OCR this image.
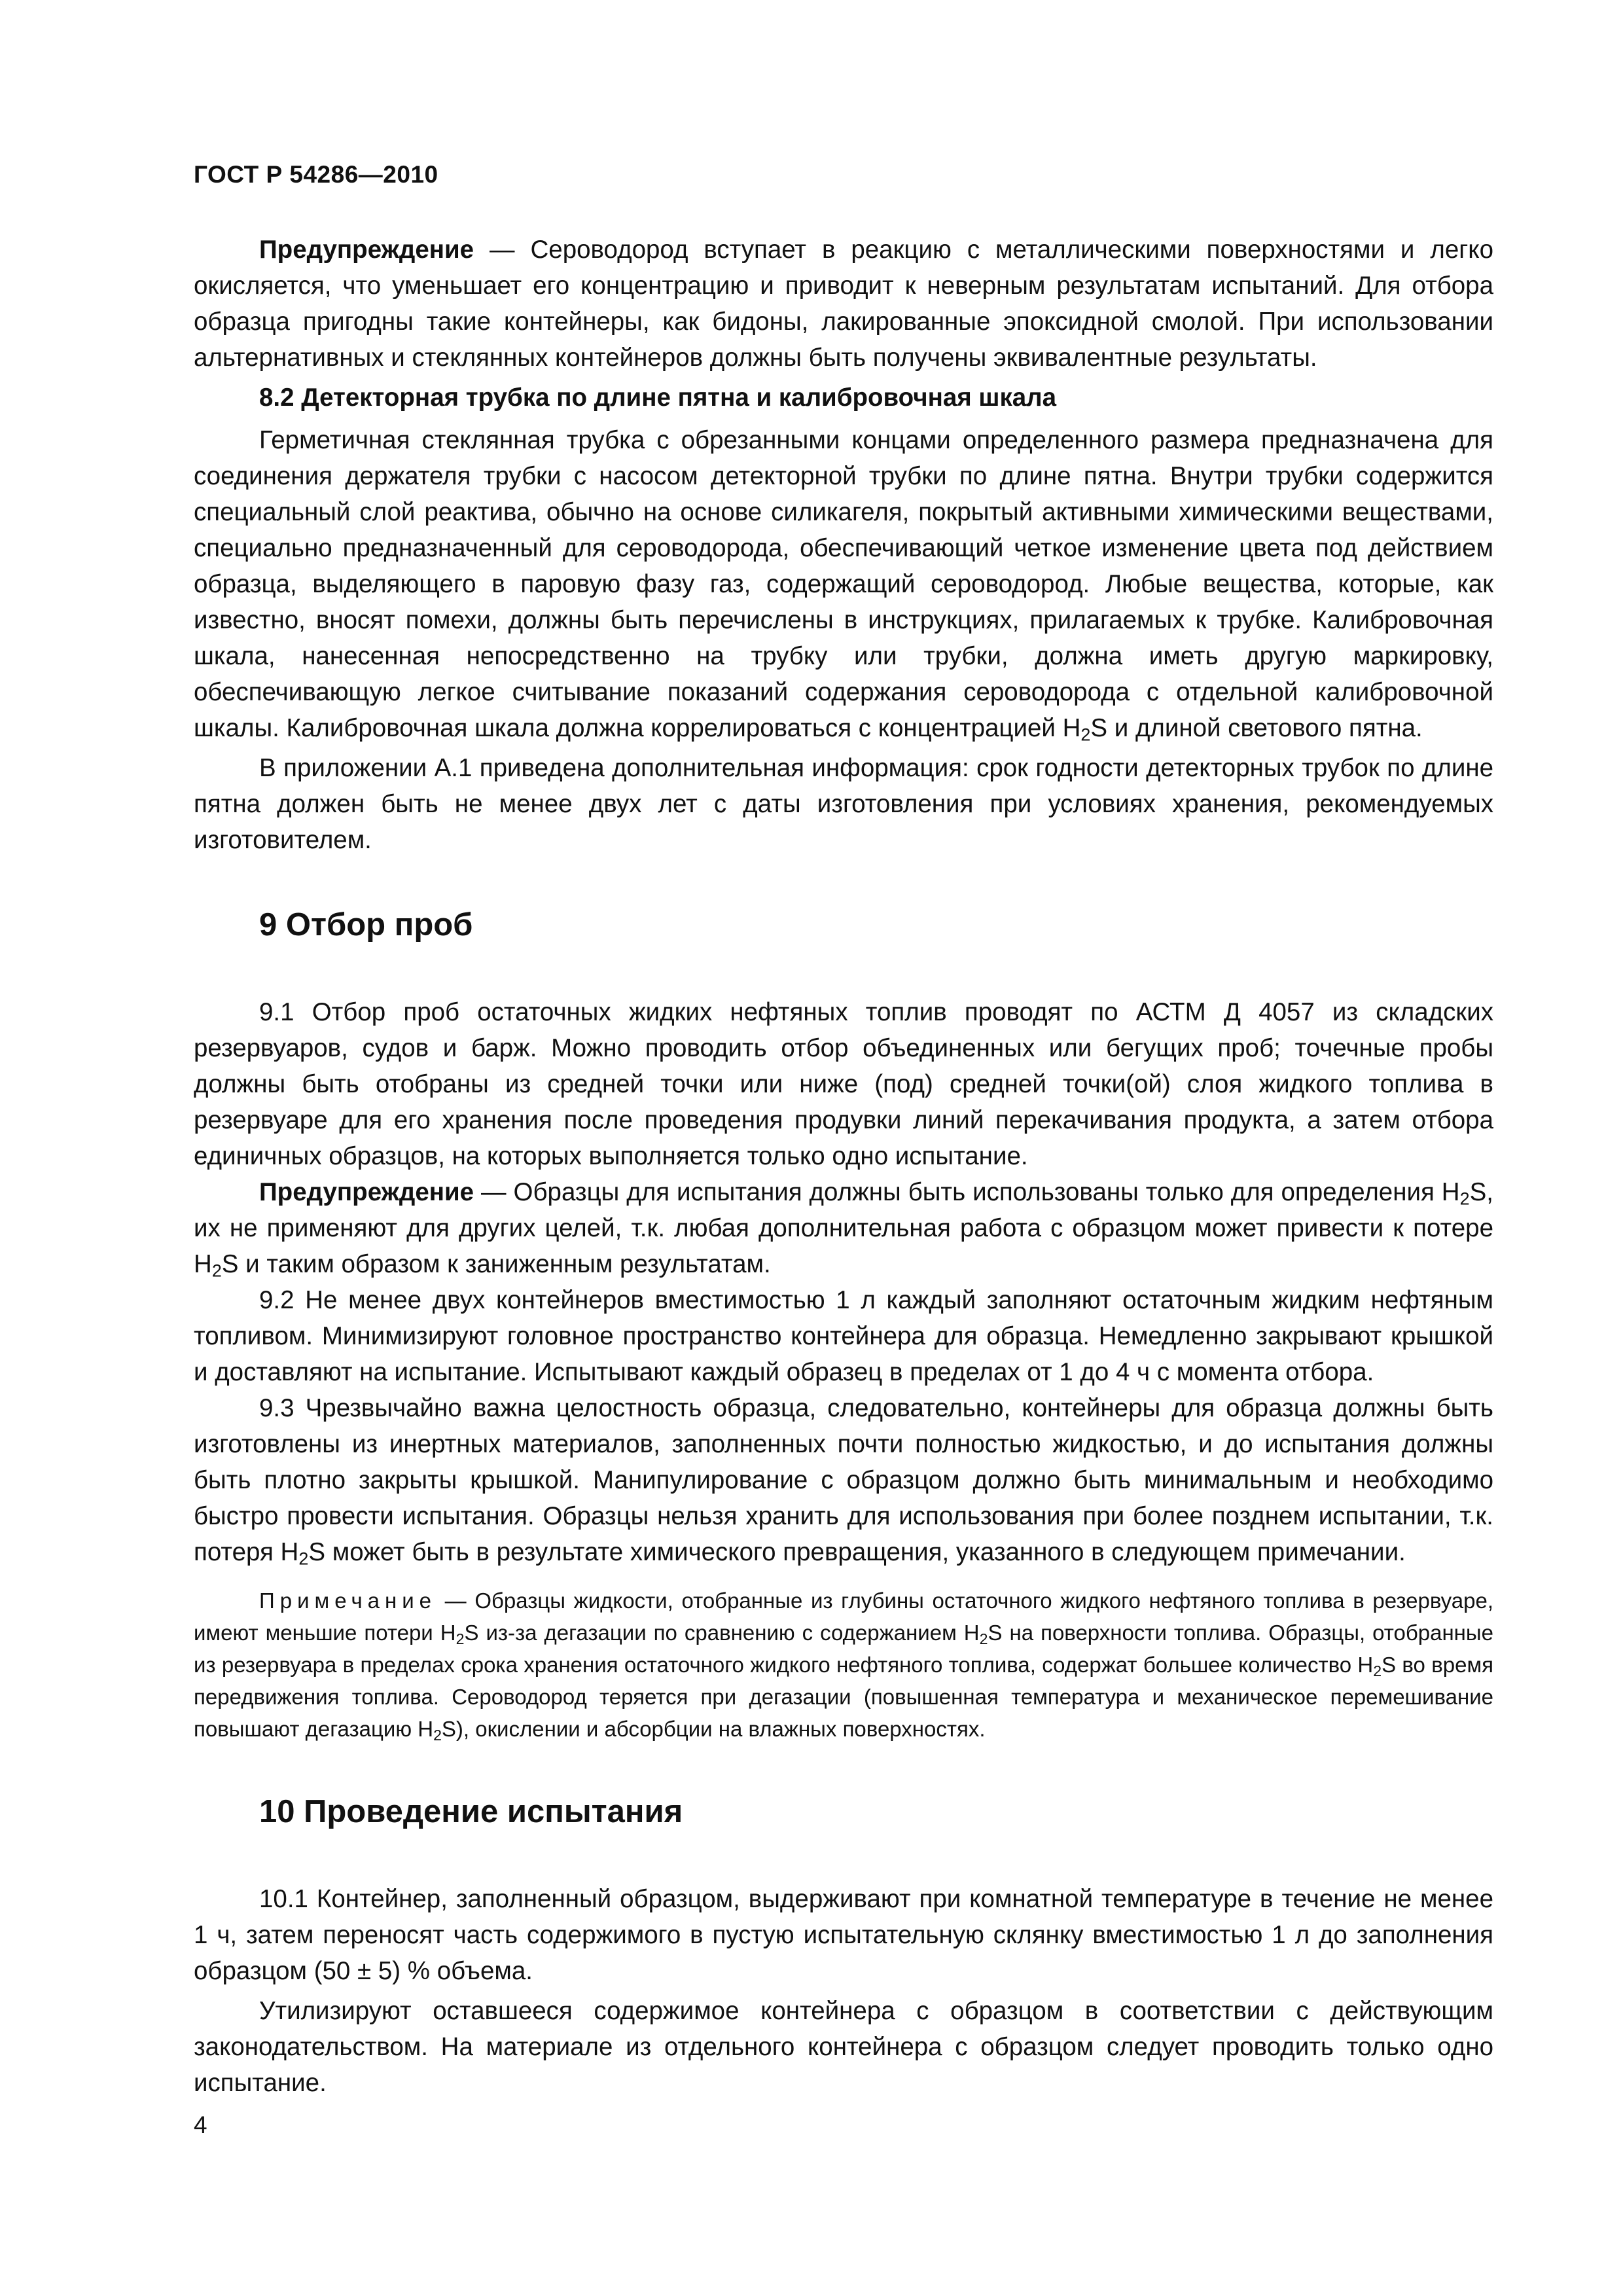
ГОСТ Р 54286—2010

Предупреждение — Сероводород вступает в реакцию с металлическими поверхностями и легко окисляется, что уменьшает его концентрацию и приводит к неверным результатам испытаний. Для отбора образца пригодны такие контейнеры, как бидоны, лакированные эпоксидной смолой. При использовании альтернативных и стеклянных контейнеров должны быть получены эквивалентные результаты.

8.2 Детекторная трубка по длине пятна и калибровочная шкала

Герметичная стеклянная трубка с обрезанными концами определенного размера предназначена для соединения держателя трубки с насосом детекторной трубки по длине пятна. Внутри трубки содержится специальный слой реактива, обычно на основе силикагеля, покрытый активными химическими веществами, специально предназначенный для сероводорода, обеспечивающий четкое изменение цвета под действием образца, выделяющего в паровую фазу газ, содержащий сероводород. Любые вещества, которые, как известно, вносят помехи, должны быть перечислены в инструкциях, прилагаемых к трубке. Калибровочная шкала, нанесенная непосредственно на трубку или трубки, должна иметь другую маркировку, обеспечивающую легкое считывание показаний содержания сероводорода с отдельной калибровочной шкалы. Калибровочная шкала должна коррелироваться с концентрацией $H_2S$ и длиной светового пятна.

В приложении А.1 приведена дополнительная информация: срок годности детекторных трубок по длине пятна должен быть не менее двух лет с даты изготовления при условиях хранения, рекомендуемых изготовителем.

9 Отбор проб

9.1 Отбор проб остаточных жидких нефтяных топлив проводят по АСТМ Д 4057 из складских резервуаров, судов и барж. Можно проводить отбор объединенных или бегущих проб; точечные пробы должны быть отобраны из средней точки или ниже (под) средней точки(ой) слоя жидкого топлива в резервуаре для его хранения после проведения продувки линий перекачивания продукта, а затем отбора единичных образцов, на которых выполняется только одно испытание.

Предупреждение — Образцы для испытания должны быть использованы только для определения $H_2S$, их не применяют для других целей, т.к. любая дополнительная работа с образцом может привести к потере $H_2S$ и таким образом к заниженным результатам.

9.2 Не менее двух контейнеров вместимостью 1 л каждый заполняют остаточным жидким нефтяным топливом. Минимизируют головное пространство контейнера для образца. Немедленно закрывают крышкой и доставляют на испытание. Испытывают каждый образец в пределах от 1 до 4 ч с момента отбора.

9.3 Чрезвычайно важна целостность образца, следовательно, контейнеры для образца должны быть изготовлены из инертных материалов, заполненных почти полностью жидкостью, и до испытания должны быть плотно закрыты крышкой. Манипулирование с образцом должно быть минимальным и необходимо быстро провести испытания. Образцы нельзя хранить для использования при более позднем испытании, т.к. потеря $H_2S$ может быть в результате химического превращения, указанного в следующем примечании.

Примечание — Образцы жидкости, отобранные из глубины остаточного жидкого нефтяного топлива в резервуаре, имеют меньшие потери $H_2S$ из-за дегазации по сравнению с содержанием $H_2S$ на поверхности топлива. Образцы, отобранные из резервуара в пределах срока хранения остаточного жидкого нефтяного топлива, содержат большее количество $H_2S$ во время передвижения топлива. Сероводород теряется при дегазации (повышенная температура и механическое перемешивание повышают дегазацию $H_2S$), окислении и абсорбции на влажных поверхностях.

10 Проведение испытания

10.1 Контейнер, заполненный образцом, выдерживают при комнатной температуре в течение не менее 1 ч, затем переносят часть содержимого в пустую испытательную склянку вместимостью 1 л до заполнения образцом (50 ± 5) % объема.

Утилизируют оставшееся содержимое контейнера с образцом в соответствии с действующим законодательством. На материале из отдельного контейнера с образцом следует проводить только одно испытание.

4
